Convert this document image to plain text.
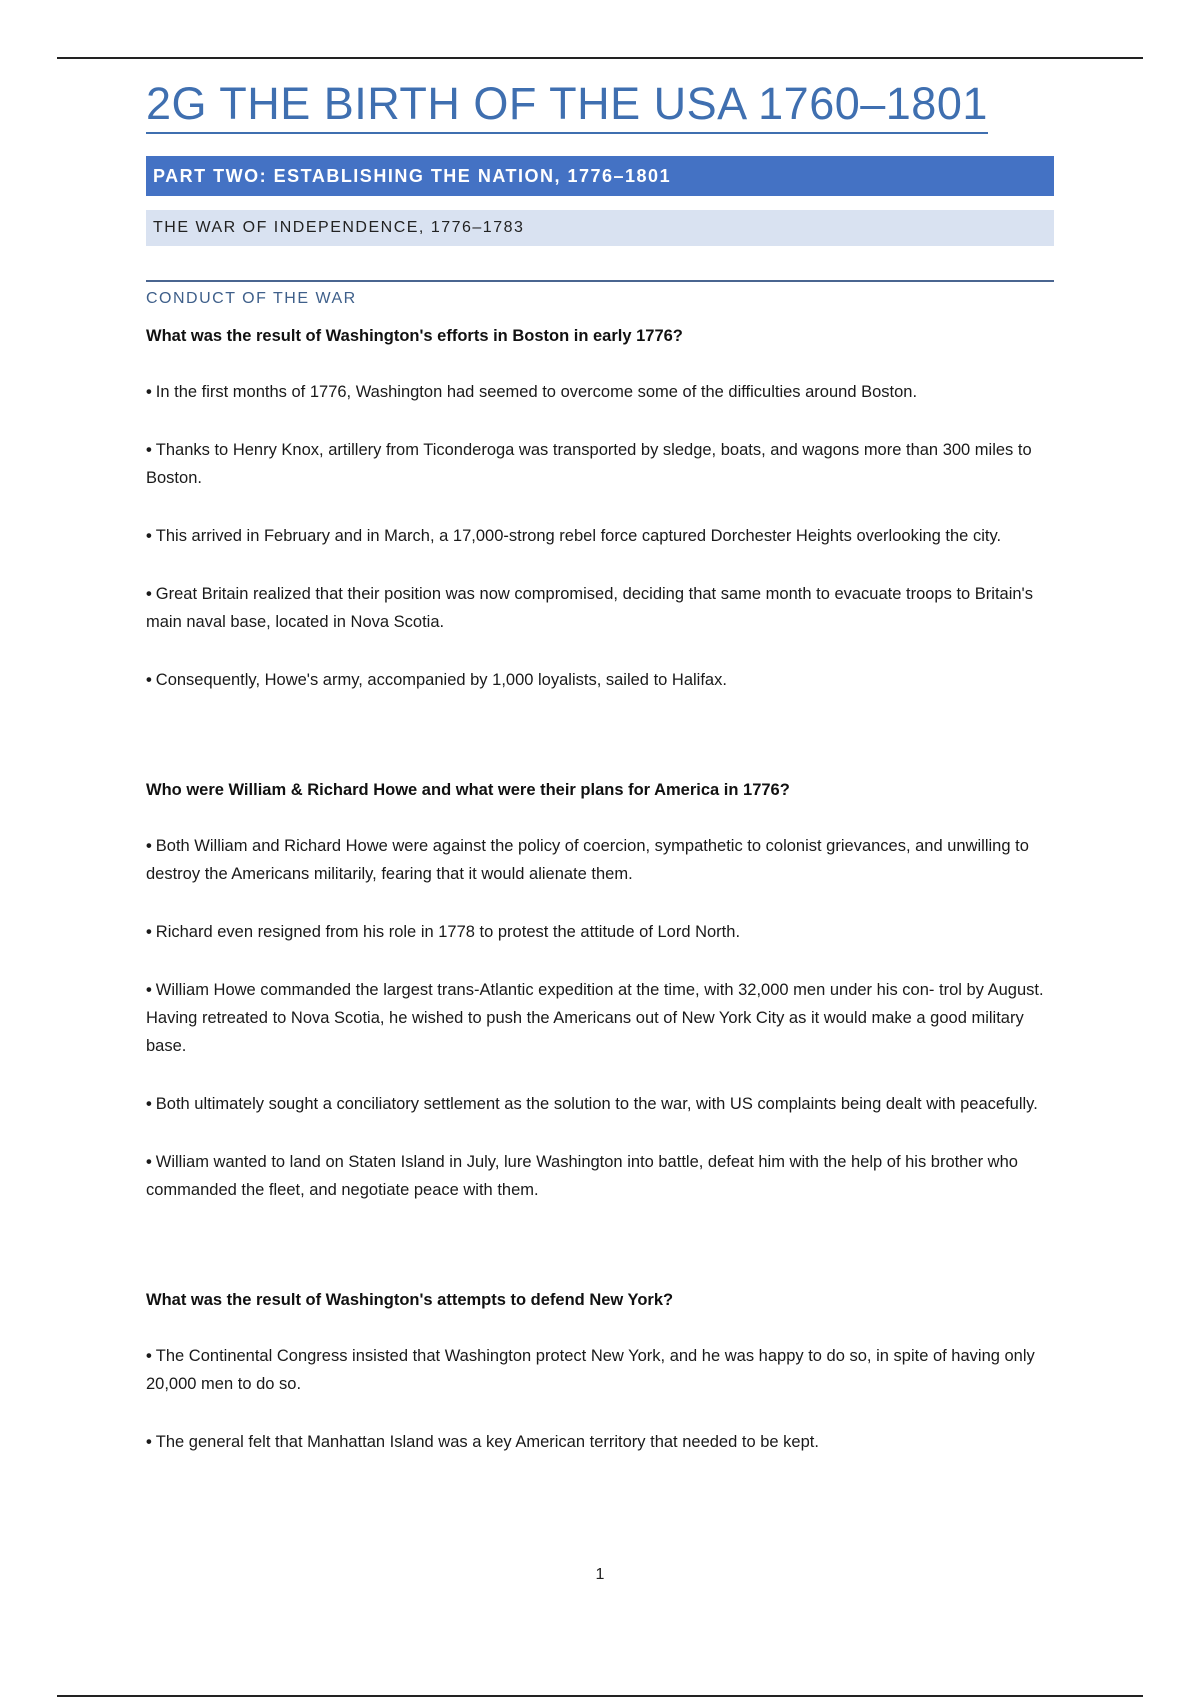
2G THE BIRTH OF THE USA 1760–1801
PART TWO: ESTABLISHING THE NATION, 1776–1801
THE WAR OF INDEPENDENCE, 1776–1783
CONDUCT OF THE WAR

What was the result of Washington's efforts in Boston in early 1776?

• In the first months of 1776, Washington had seemed to overcome some of the difficulties around Boston.

• Thanks to Henry Knox, artillery from Ticonderoga was transported by sledge, boats, and wagons more than 300 miles to Boston.

• This arrived in February and in March, a 17,000-strong rebel force captured Dorchester Heights overlooking the city.

• Great Britain realized that their position was now compromised, deciding that same month to evacuate troops to Britain's main naval base, located in Nova Scotia.

• Consequently, Howe's army, accompanied by 1,000 loyalists, sailed to Halifax.

Who were William & Richard Howe and what were their plans for America in 1776?

• Both William and Richard Howe were against the policy of coercion, sympathetic to colonist grievances, and unwilling to destroy the Americans militarily, fearing that it would alienate them.

• Richard even resigned from his role in 1778 to protest the attitude of Lord North.

• William Howe commanded the largest trans-Atlantic expedition at the time, with 32,000 men under his con- trol by August. Having retreated to Nova Scotia, he wished to push the Americans out of New York City as it would make a good military base.

• Both ultimately sought a conciliatory settlement as the solution to the war, with US complaints being dealt with peacefully.

• William wanted to land on Staten Island in July, lure Washington into battle, defeat him with the help of his brother who commanded the fleet, and negotiate peace with them.

What was the result of Washington's attempts to defend New York?

• The Continental Congress insisted that Washington protect New York, and he was happy to do so, in spite of having only 20,000 men to do so.

• The general felt that Manhattan Island was a key American territory that needed to be kept.

1
